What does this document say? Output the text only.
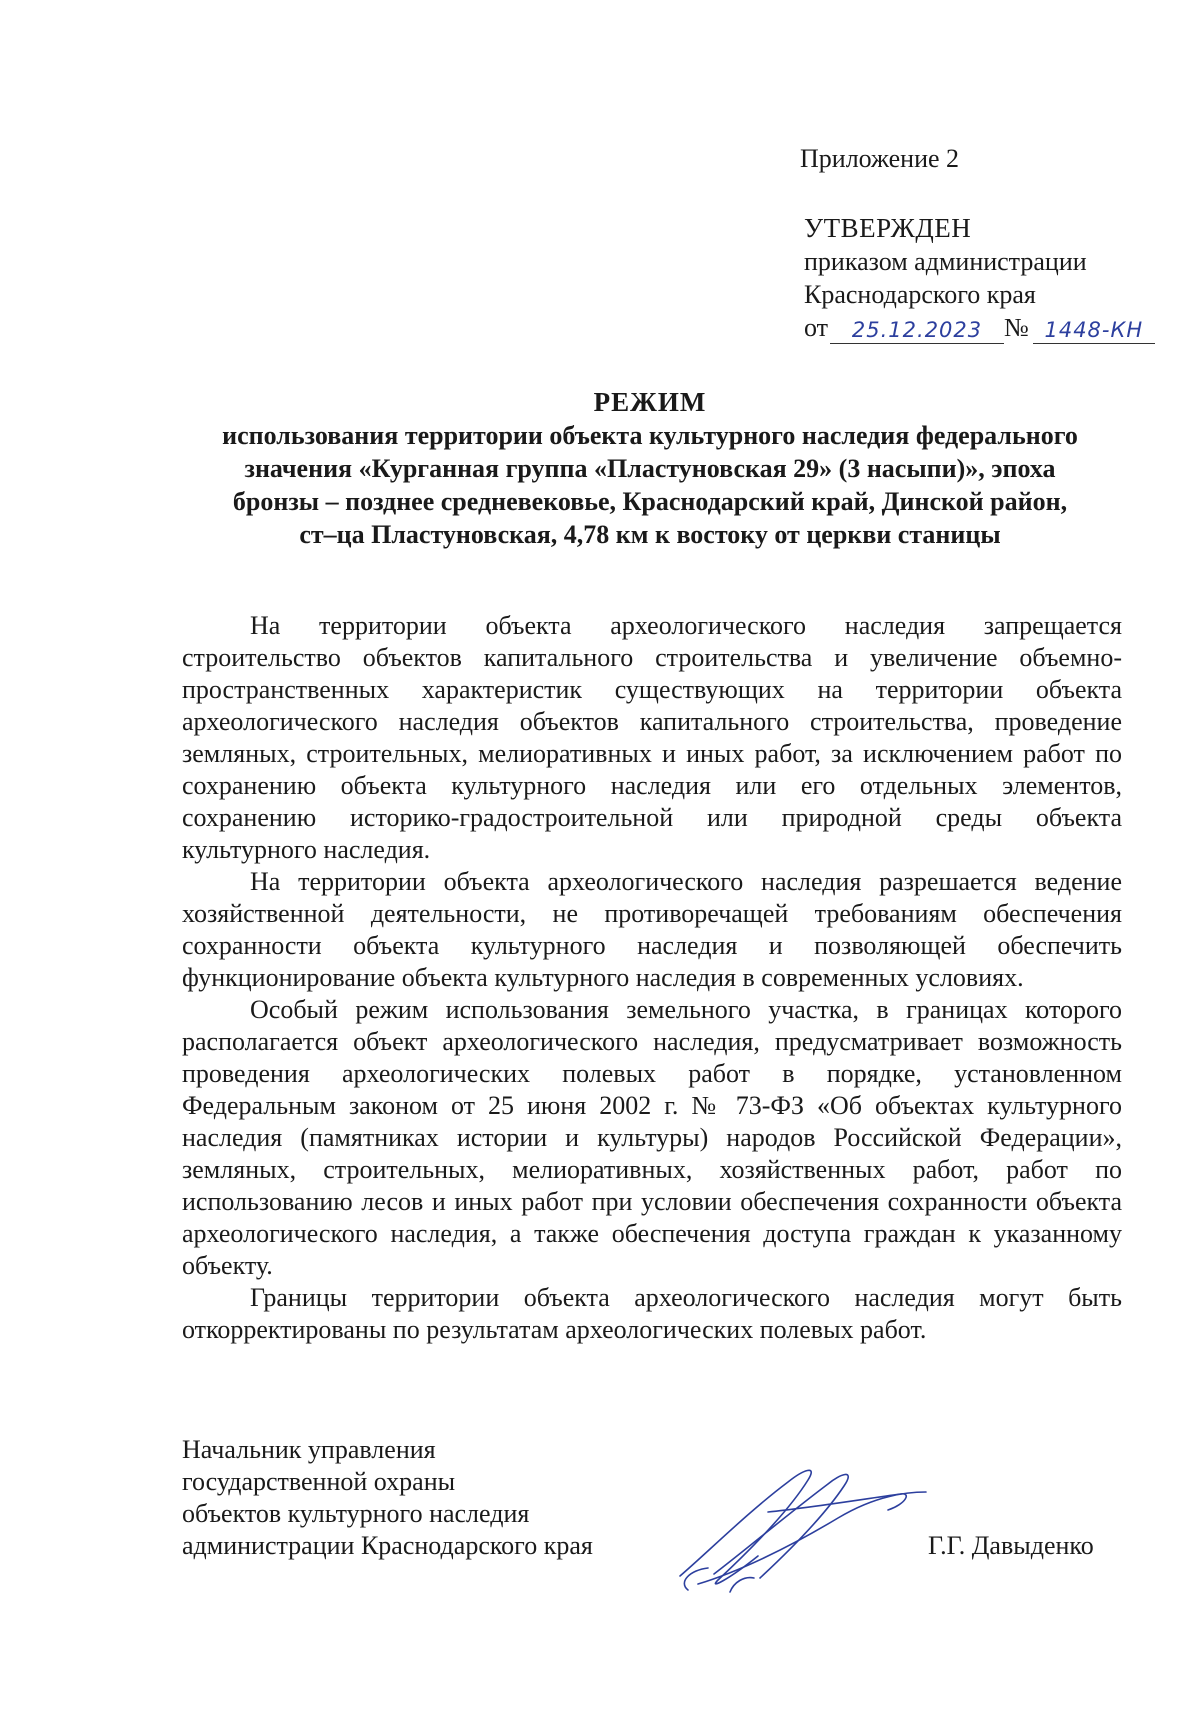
Приложение 2
УТВЕРЖДЕН
приказом администрации
Краснодарского края
от	25.12.2023 № 1448-КН
РЕЖИМ
использования территории объекта культурного наследия федерального
значения «Курганная группа «Пластуновская 29» (3 насыпи)», эпоха
бронзы – позднее средневековье, Краснодарский край, Динской район,
ст–ца Пластуновская, 4,78 км к востоку от церкви станицы

На территории объекта археологического наследия запрещается строительство объектов капитального строительства и увеличение объемно-пространственных характеристик существующих на территории объекта археологического наследия объектов капитального строительства, проведение земляных, строительных, мелиоративных и иных работ, за исключением работ по сохранению объекта культурного наследия или его отдельных элементов, сохранению историко-градостроительной или природной среды объекта культурного наследия.

На территории объекта археологического наследия разрешается ведение хозяйственной деятельности, не противоречащей требованиям обеспечения сохранности объекта культурного наследия и позволяющей обеспечить функционирование объекта культурного наследия в современных условиях.

Особый режим использования земельного участка, в границах которого располагается объект археологического наследия, предусматривает возможность проведения археологических полевых работ в порядке, установленном Федеральным законом от 25 июня 2002 г. № 73-ФЗ «Об объектах культурного наследия (памятниках истории и культуры) народов Российской Федерации», земляных, строительных, мелиоративных, хозяйственных работ, работ по использованию лесов и иных работ при условии обеспечения сохранности объекта археологического наследия, а также обеспечения доступа граждан к указанному объекту.

Границы территории объекта археологического наследия могут быть откорректированы по результатам археологических полевых работ.

Начальник управления
государственной охраны
объектов культурного наследия
администрации Краснодарского края	Г.Г. Давыденко
